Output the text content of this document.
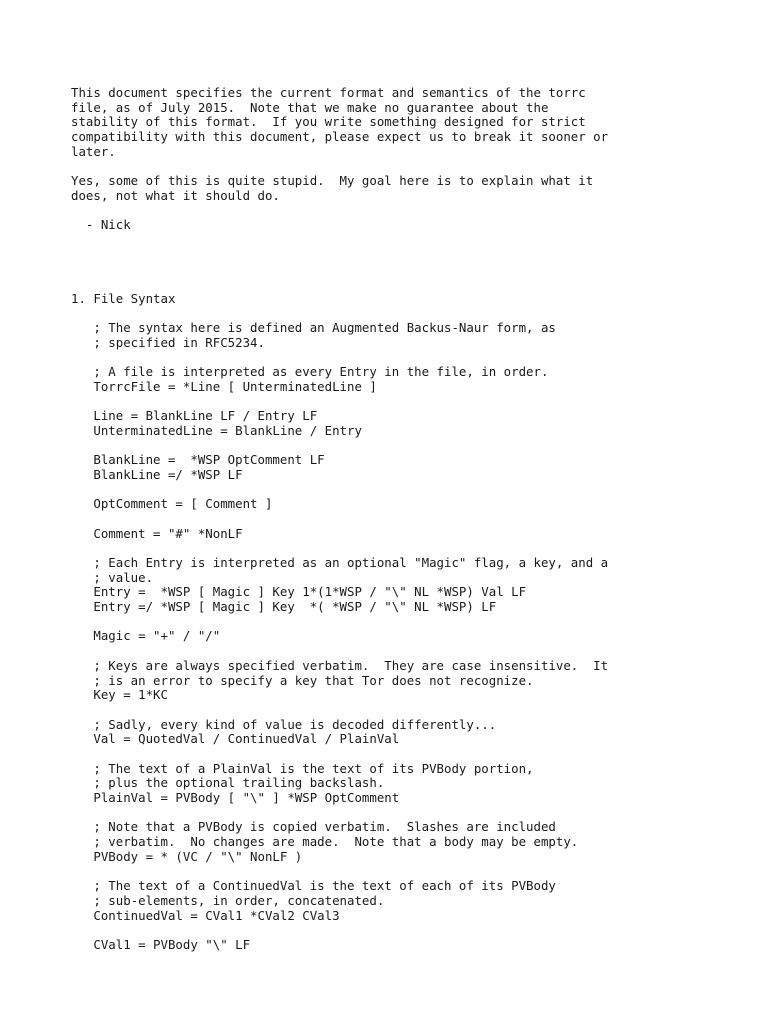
This document specifies the current format and semantics of the torrc
file, as of July 2015.  Note that we make no guarantee about the
stability of this format.  If you write something designed for strict
compatibility with this document, please expect us to break it sooner or
later.
Yes, some of this is quite stupid.  My goal here is to explain what it
does, not what it should do.
- Nick
1. File Syntax
; The syntax here is defined an Augmented Backus-Naur form, as
; specified in RFC5234.
; A file is interpreted as every Entry in the file, in order.
TorrcFile = *Line [ UnterminatedLine ]
Line = BlankLine LF / Entry LF
UnterminatedLine = BlankLine / Entry
BlankLine =  *WSP OptComment LF
BlankLine =/ *WSP LF
OptComment = [ Comment ]
Comment = "#" *NonLF
; Each Entry is interpreted as an optional "Magic" flag, a key, and a
; value.
Entry =  *WSP [ Magic ] Key 1*(1*WSP / "\" NL *WSP) Val LF
Entry =/ *WSP [ Magic ] Key  *( *WSP / "\" NL *WSP) LF
Magic = "+" / "/"
; Keys are always specified verbatim.  They are case insensitive.  It
; is an error to specify a key that Tor does not recognize.
Key = 1*KC
; Sadly, every kind of value is decoded differently...
Val = QuotedVal / ContinuedVal / PlainVal
; The text of a PlainVal is the text of its PVBody portion,
; plus the optional trailing backslash.
PlainVal = PVBody [ "\" ] *WSP OptComment
; Note that a PVBody is copied verbatim.  Slashes are included
; verbatim.  No changes are made.  Note that a body may be empty.
PVBody = * (VC / "\" NonLF )
; The text of a ContinuedVal is the text of each of its PVBody
; sub-elements, in order, concatenated.
ContinuedVal = CVal1 *CVal2 CVal3
CVal1 = PVBody "\" LF
